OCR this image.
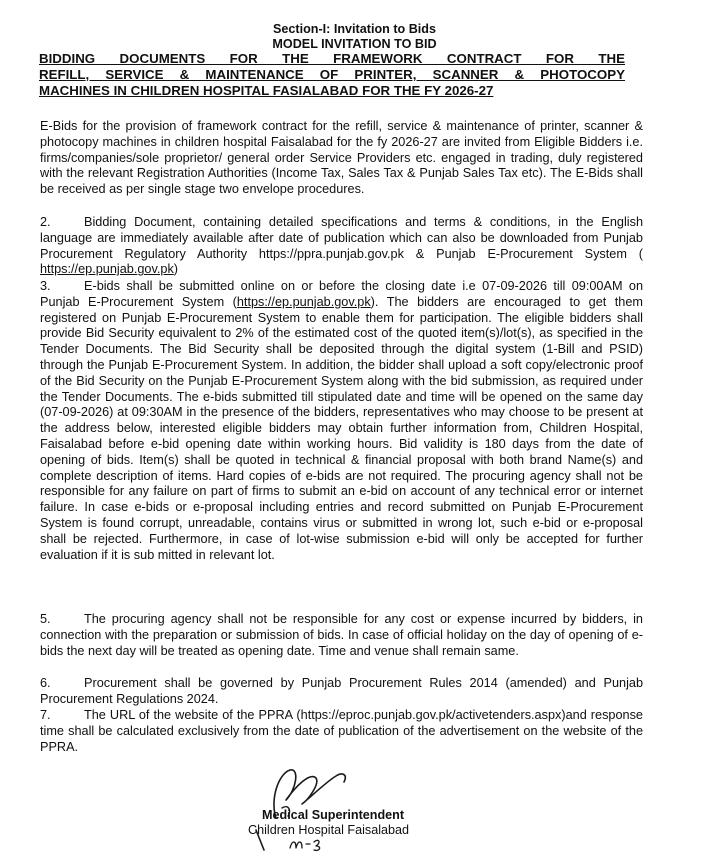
Section-I: Invitation to Bids
MODEL INVITATION TO BID
BIDDING DOCUMENTS FOR THE FRAMEWORK CONTRACT FOR THE
REFILL, SERVICE & MAINTENANCE OF PRINTER, SCANNER & PHOTOCOPY
MACHINES IN CHILDREN HOSPITAL FASIALABAD FOR THE FY 2026-27

E-Bids for the provision of framework contract for the refill, service & maintenance of printer, scanner & photocopy machines in children hospital Faisalabad for the fy 2026-27 are invited from Eligible Bidders i.e. firms/companies/sole proprietor/ general order Service Providers etc. engaged in trading, duly registered with the relevant Registration Authorities (Income Tax, Sales Tax & Punjab Sales Tax etc). The E-Bids shall be received as per single stage two envelope procedures.

2.	Bidding Document, containing detailed specifications and terms & conditions, in the English language are immediately available after date of publication which can also be downloaded from Punjab Procurement Regulatory Authority https://ppra.punjab.gov.pk & Punjab E-Procurement System ( https://ep.punjab.gov.pk)

3.	E-bids shall be submitted online on or before the closing date i.e 07-09-2026 till 09:00AM on Punjab E-Procurement System (https://ep.punjab.gov.pk). The bidders are encouraged to get them registered on Punjab E-Procurement System to enable them for participation. The eligible bidders shall provide Bid Security equivalent to 2% of the estimated cost of the quoted item(s)/lot(s), as specified in the Tender Documents. The Bid Security shall be deposited through the digital system (1-Bill and PSID) through the Punjab E-Procurement System. In addition, the bidder shall upload a soft copy/electronic proof of the Bid Security on the Punjab E-Procurement System along with the bid submission, as required under the Tender Documents. The e-bids submitted till stipulated date and time will be opened on the same day (07-09-2026) at 09:30AM in the presence of the bidders, representatives who may choose to be present at the address below, interested eligible bidders may obtain further information from, Children Hospital, Faisalabad before e-bid opening date within working hours. Bid validity is 180 days from the date of opening of bids. Item(s) shall be quoted in technical & financial proposal with both brand Name(s) and complete description of items. Hard copies of e-bids are not required. The procuring agency shall not be responsible for any failure on part of firms to submit an e-bid on account of any technical error or internet failure. In case e-bids or e-proposal including entries and record submitted on Punjab E-Procurement System is found corrupt, unreadable, contains virus or submitted in wrong lot, such e-bid or e-proposal shall be rejected. Furthermore, in case of lot-wise submission e-bid will only be accepted for further evaluation if it is sub mitted in relevant lot.

5.	The procuring agency shall not be responsible for any cost or expense incurred by bidders, in connection with the preparation or submission of bids. In case of official holiday on the day of opening of e-bids the next day will be treated as opening date. Time and venue shall remain same.

6.	Procurement shall be governed by Punjab Procurement Rules 2014 (amended) and Punjab Procurement Regulations 2024.

7.	The URL of the website of the PPRA (https://eproc.punjab.gov.pk/activetenders.aspx)and response time shall be calculated exclusively from the date of publication of the advertisement on the website of the PPRA.

Medical Superintendent
Children Hospital Faisalabad
